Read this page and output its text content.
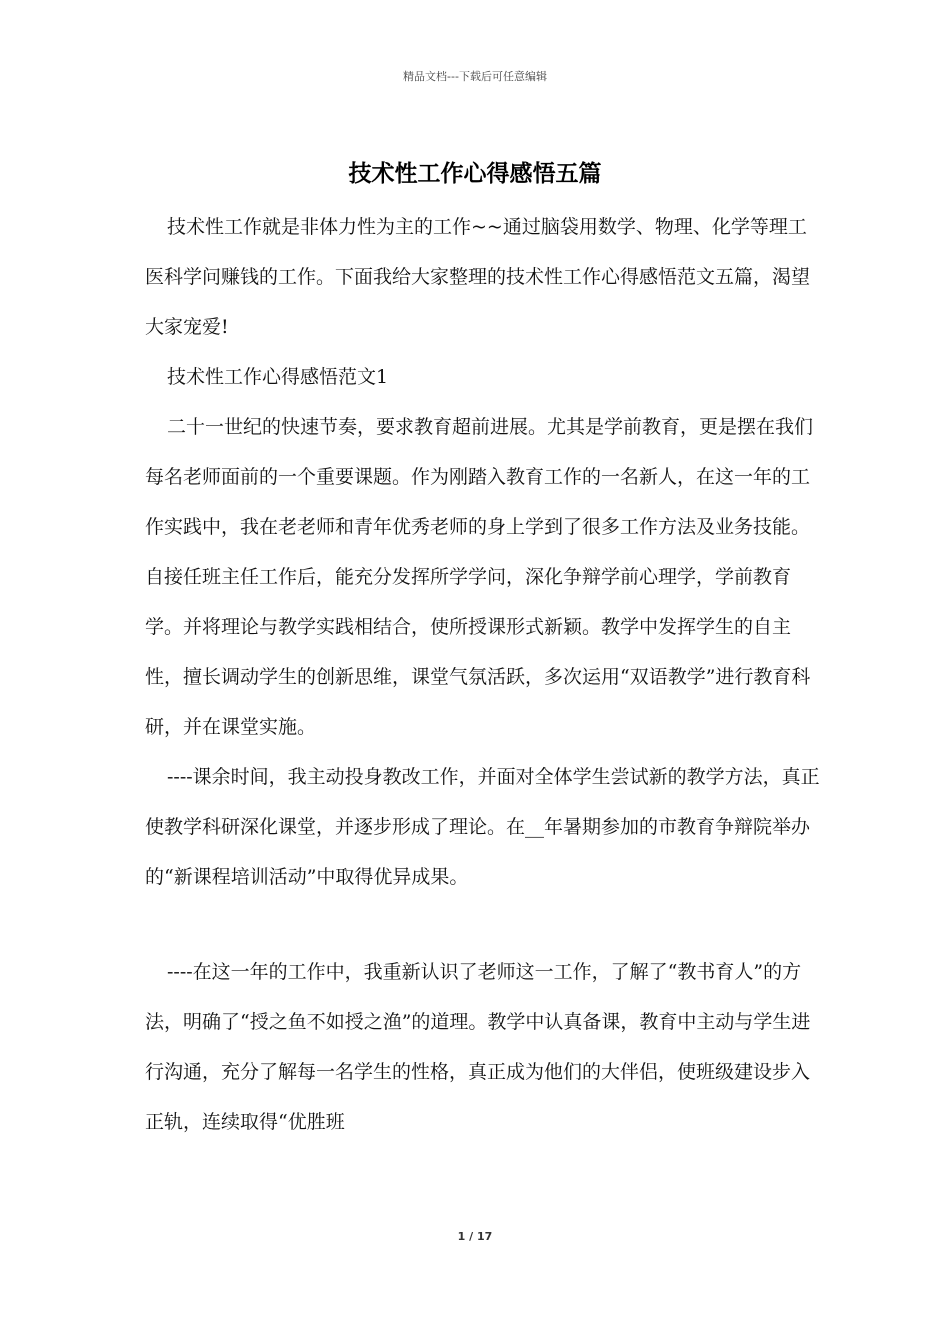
精品文档---下载后可任意编辑
技术性工作心得感悟五篇

技术性工作就是非体力性为主的工作~~通过脑袋用数学、物理、化学等理工医科学问赚钱的工作。下面我给大家整理的技术性工作心得感悟范文五篇，渴望大家宠爱!

技术性工作心得感悟范文1

二十一世纪的快速节奏，要求教育超前进展。尤其是学前教育，更是摆在我们每名老师面前的一个重要课题。作为刚踏入教育工作的一名新人，在这一年的工作实践中，我在老老师和青年优秀老师的身上学到了很多工作方法及业务技能。自接任班主任工作后，能充分发挥所学学问，深化争辩学前心理学，学前教育学。并将理论与教学实践相结合，使所授课形式新颖。教学中发挥学生的自主性，擅长调动学生的创新思维，课堂气氛活跃，多次运用“双语教学”进行教育科研，并在课堂实施。

----课余时间，我主动投身教改工作，并面对全体学生尝试新的教学方法，真正使教学科研深化课堂，并逐步形成了理论。在__年暑期参加的市教育争辩院举办的“新课程培训活动”中取得优异成果。

----在这一年的工作中，我重新认识了老师这一工作，了解了“教书育人”的方法，明确了“授之鱼不如授之渔”的道理。教学中认真备课，教育中主动与学生进行沟通，充分了解每一名学生的性格，真正成为他们的大伴侣，使班级建设步入正轨，连续取得“优胜班

1 / 17
